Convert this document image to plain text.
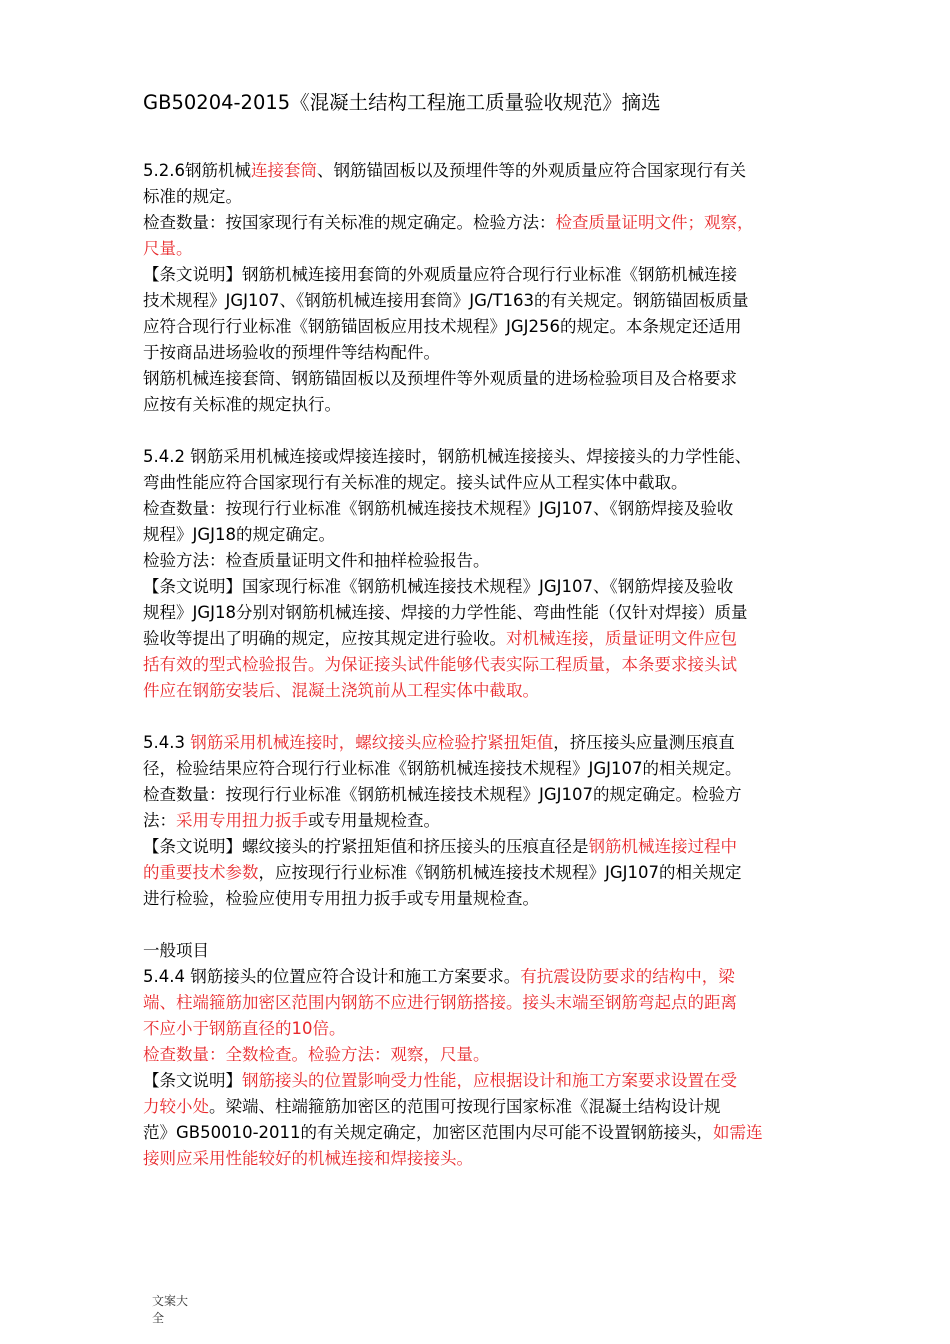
GB50204-2015《混凝土结构工程施工质量验收规范》摘选
5.2.6钢筋机械连接套筒、钢筋锚固板以及预埋件等的外观质量应符合国家现行有关
标准的规定。
检查数量：按国家现行有关标准的规定确定。检验方法：检查质量证明文件；观察，
尺量。
【条文说明】钢筋机械连接用套筒的外观质量应符合现行行业标准《钢筋机械连接
技术规程》JGJ107、《钢筋机械连接用套筒》JG/T163的有关规定。钢筋锚固板质量
应符合现行行业标准《钢筋锚固板应用技术规程》JGJ256的规定。本条规定还适用
于按商品进场验收的预埋件等结构配件。
钢筋机械连接套筒、钢筋锚固板以及预埋件等外观质量的进场检验项目及合格要求
应按有关标准的规定执行。
5.4.2 钢筋采用机械连接或焊接连接时，钢筋机械连接接头、焊接接头的力学性能、
弯曲性能应符合国家现行有关标准的规定。接头试件应从工程实体中截取。
检查数量：按现行行业标准《钢筋机械连接技术规程》JGJ107、《钢筋焊接及验收
规程》JGJ18的规定确定。
检验方法：检查质量证明文件和抽样检验报告。
【条文说明】国家现行标准《钢筋机械连接技术规程》JGJ107、《钢筋焊接及验收
规程》JGJ18分别对钢筋机械连接、焊接的力学性能、弯曲性能（仅针对焊接）质量
验收等提出了明确的规定，应按其规定进行验收。对机械连接，质量证明文件应包
括有效的型式检验报告。为保证接头试件能够代表实际工程质量，本条要求接头试
件应在钢筋安装后、混凝土浇筑前从工程实体中截取。
5.4.3 钢筋采用机械连接时，螺纹接头应检验拧紧扭矩值，挤压接头应量测压痕直
径，检验结果应符合现行行业标准《钢筋机械连接技术规程》JGJ107的相关规定。
检查数量：按现行行业标准《钢筋机械连接技术规程》JGJ107的规定确定。检验方
法：采用专用扭力扳手或专用量规检查。
【条文说明】螺纹接头的拧紧扭矩值和挤压接头的压痕直径是钢筋机械连接过程中
的重要技术参数，应按现行行业标准《钢筋机械连接技术规程》JGJ107的相关规定
进行检验，检验应使用专用扭力扳手或专用量规检查。
一般项目
5.4.4 钢筋接头的位置应符合设计和施工方案要求。有抗震设防要求的结构中，梁
端、柱端箍筋加密区范围内钢筋不应进行钢筋搭接。接头末端至钢筋弯起点的距离
不应小于钢筋直径的10倍。
检查数量：全数检查。检验方法：观察，尺量。
【条文说明】钢筋接头的位置影响受力性能，应根据设计和施工方案要求设置在受
力较小处。梁端、柱端箍筋加密区的范围可按现行国家标准《混凝土结构设计规
范》GB50010-2011的有关规定确定，加密区范围内尽可能不设置钢筋接头，如需连
接则应采用性能较好的机械连接和焊接接头。
文案大
全
